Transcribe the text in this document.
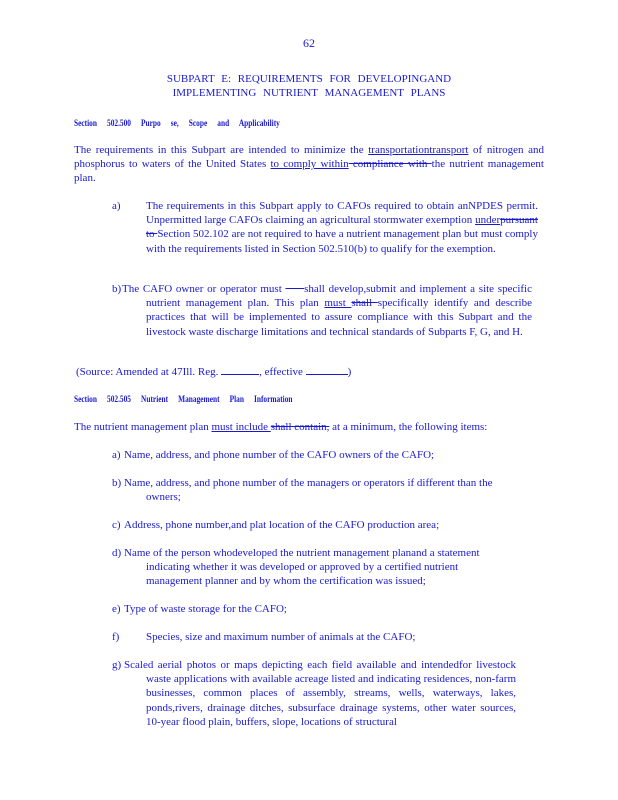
62
SUBPART E: REQUIREMENTS FOR DEVELOPINGAND
IMPLEMENTING NUTRIENT MANAGEMENT PLANS
Section 502.500 Purpo se, Scope and Applicability
The requirements in this Subpart are intended to minimize the transportationtransport of nitrogen and phosphorus to waters of the United States to comply within compliance with the nutrient management plan.
a) The requirements in this Subpart apply to CAFOs required to obtain anNPDES permit. Unpermitted large CAFOs claiming an agricultural stormwater exemption underpursuant to Section 502.102 are not required to have a nutrient management plan but must comply with the requirements listed in Section 502.510(b) to qualify for the exemption.
b) The CAFO owner or operator must      shall develop,submit and implement a site specific nutrient management plan. This plan must shall specifically identify and describe practices that will be implemented to assure compliance with this Subpart and the livestock waste discharge limitations and technical standards of Subparts F, G, and H.
(Source: Amended at 47Ill. Reg.	, effective	)
Section 502.505 Nutrient Management Plan Information
The nutrient management plan must include shall contain, at a minimum, the following items:
a) Name, address, and phone number of the CAFO owners of the CAFO;
b) Name, address, and phone number of the managers or operators if different than the owners;
c) Address, phone number,and plat location of the CAFO production area;
d) Name of the person whodeveloped the nutrient management planand a statement indicating whether it was developed or approved by a certified nutrient management planner and by whom the certification was issued;
e) Type of waste storage for the CAFO;
f) Species, size and maximum number of animals at the CAFO;
g) Scaled aerial photos or maps depicting each field available and intendedfor livestock waste applications with available acreage listed and indicating residences, non-farm businesses, common places of assembly, streams, wells, waterways, lakes, ponds,rivers, drainage ditches, subsurface drainage systems, other water sources, 10-year flood plain, buffers, slope, locations of structural
